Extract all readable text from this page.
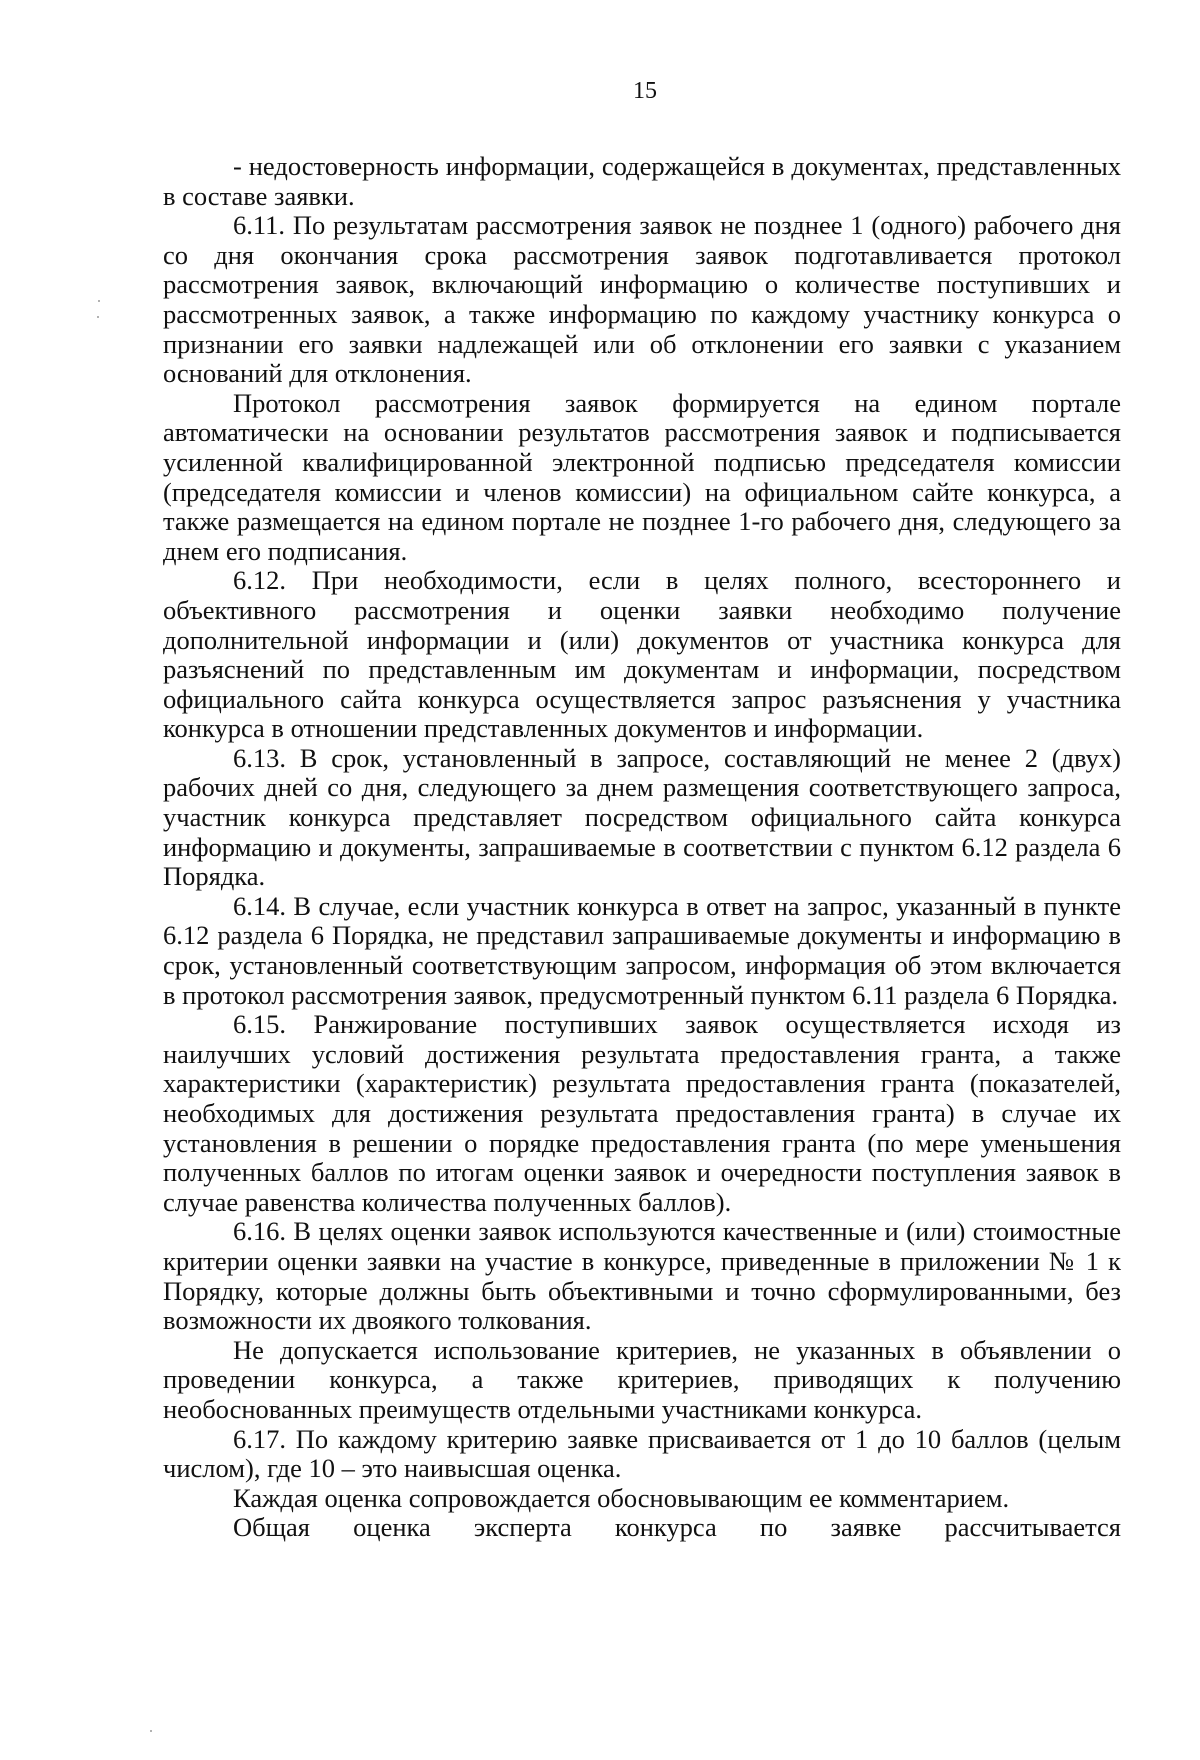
15

- недостоверность информации, содержащейся в документах, представленных в составе заявки.

6.11. По результатам рассмотрения заявок не позднее 1 (одного) рабочего дня со дня окончания срока рассмотрения заявок подготавливается протокол рассмотрения заявок, включающий информацию о количестве поступивших и рассмотренных заявок, а также информацию по каждому участнику конкурса о признании его заявки надлежащей или об отклонении его заявки с указанием оснований для отклонения.

Протокол рассмотрения заявок формируется на едином портале автоматически на основании результатов рассмотрения заявок и подписывается усиленной квалифицированной электронной подписью председателя комиссии (председателя комиссии и членов комиссии) на официальном сайте конкурса, а также размещается на едином портале не позднее 1-го рабочего дня, следующего за днем его подписания.

6.12. При необходимости, если в целях полного, всестороннего и объективного рассмотрения и оценки заявки необходимо получение дополнительной информации и (или) документов от участника конкурса для разъяснений по представленным им документам и информации, посредством официального сайта конкурса осуществляется запрос разъяснения у участника конкурса в отношении представленных документов и информации.

6.13. В срок, установленный в запросе, составляющий не менее 2 (двух) рабочих дней со дня, следующего за днем размещения соответствующего запроса, участник конкурса представляет посредством официального сайта конкурса информацию и документы, запрашиваемые в соответствии с пунктом 6.12 раздела 6 Порядка.

6.14. В случае, если участник конкурса в ответ на запрос, указанный в пункте 6.12 раздела 6 Порядка, не представил запрашиваемые документы и информацию в срок, установленный соответствующим запросом, информация об этом включается в протокол рассмотрения заявок, предусмотренный пунктом 6.11 раздела 6 Порядка.

6.15. Ранжирование поступивших заявок осуществляется исходя из наилучших условий достижения результата предоставления гранта, а также характеристики (характеристик) результата предоставления гранта (показателей, необходимых для достижения результата предоставления гранта) в случае их установления в решении о порядке предоставления гранта (по мере уменьшения полученных баллов по итогам оценки заявок и очередности поступления заявок в случае равенства количества полученных баллов).

6.16. В целях оценки заявок используются качественные и (или) стоимостные критерии оценки заявки на участие в конкурсе, приведенные в приложении № 1 к Порядку, которые должны быть объективными и точно сформулированными, без возможности их двоякого толкования.

Не допускается использование критериев, не указанных в объявлении о проведении конкурса, а также критериев, приводящих к получению необоснованных преимуществ отдельными участниками конкурса.

6.17. По каждому критерию заявке присваивается от 1 до 10 баллов (целым числом), где 10 – это наивысшая оценка.

Каждая оценка сопровождается обосновывающим ее комментарием.

Общая оценка эксперта конкурса по заявке рассчитывается
